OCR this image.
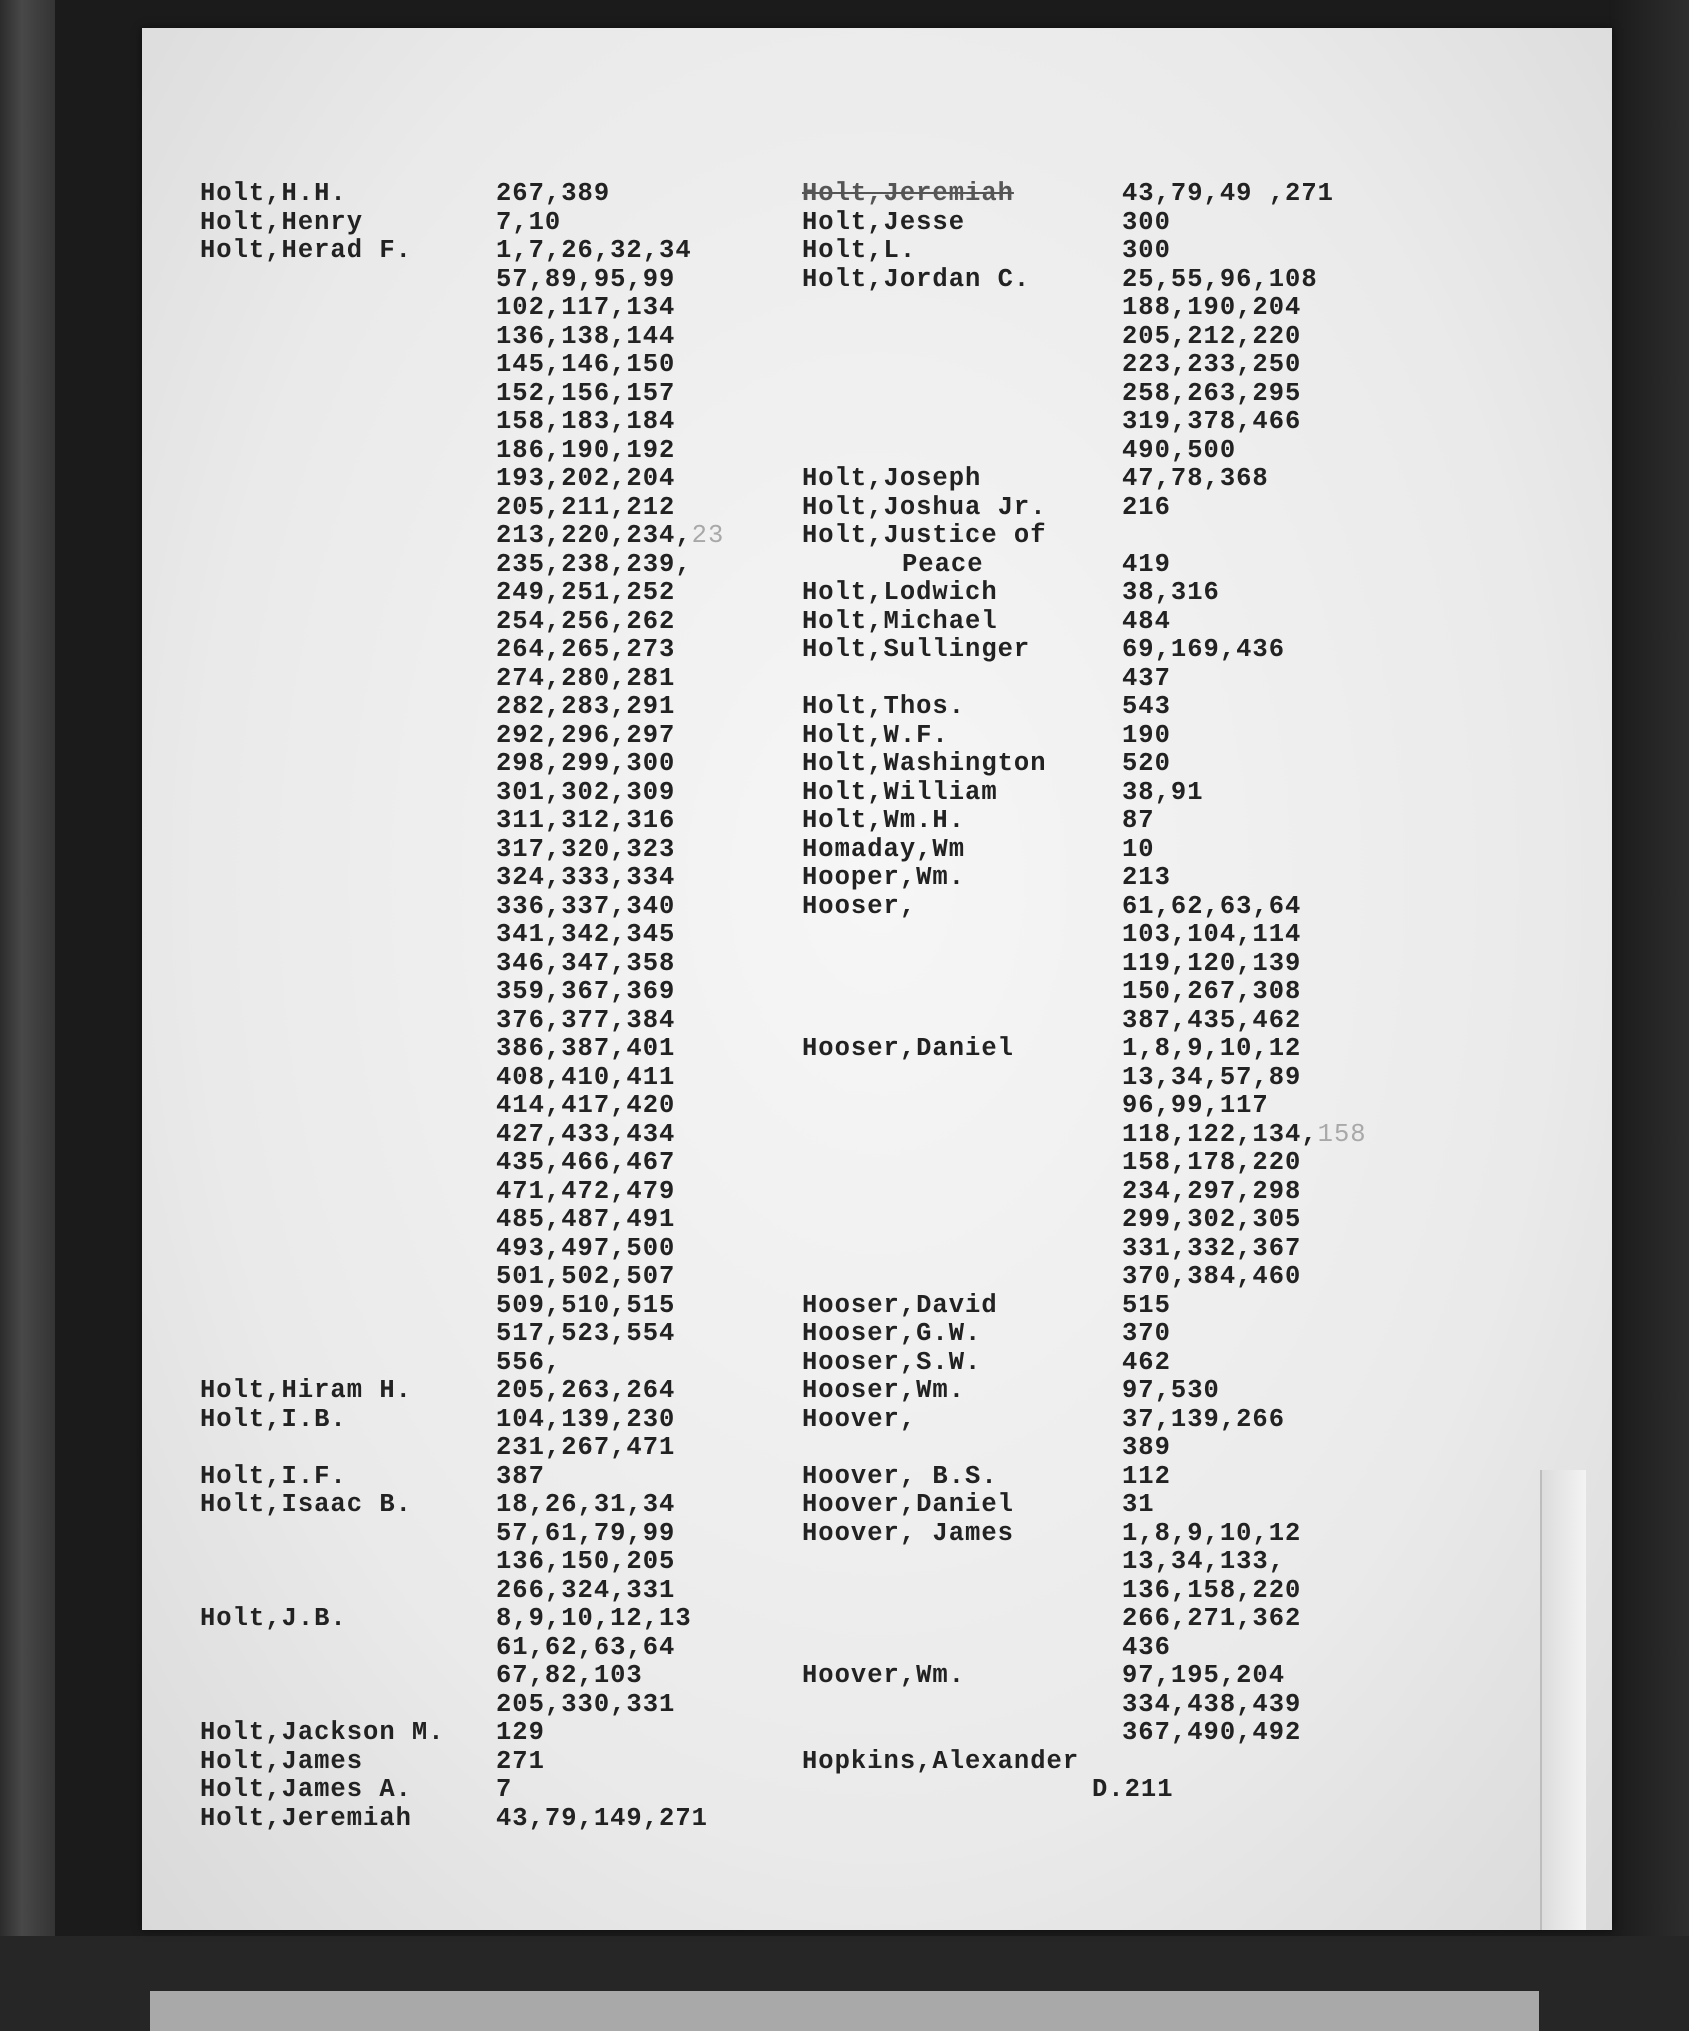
Holt,H.H.	267,389
Holt,Henry	7,10
Holt,Herad F.	1,7,26,32,34
57,89,95,99
102,117,134
136,138,144
145,146,150
152,156,157
158,183,184
186,190,192
193,202,204
205,211,212
213,220,234,23
235,238,239,
249,251,252
254,256,262
264,265,273
274,280,281
282,283,291
292,296,297
298,299,300
301,302,309
311,312,316
317,320,323
324,333,334
336,337,340
341,342,345
346,347,358
359,367,369
376,377,384
386,387,401
408,410,411
414,417,420
427,433,434
435,466,467
471,472,479
485,487,491
493,497,500
501,502,507
509,510,515
517,523,554
556,
Holt,Hiram H.	205,263,264
Holt,I.B.	104,139,230
231,267,471
Holt,I.F.	387
Holt,Isaac B.	18,26,31,34
57,61,79,99
136,150,205
266,324,331
Holt,J.B.	8,9,10,12,13
61,62,63,64
67,82,103
205,330,331
Holt,Jackson M.	129
Holt,James	271
Holt,James A.	7
Holt,Jeremiah	43,79,149,271
Holt,Jeremiah	43,79,49 ,271
Holt,Jesse	300
Holt,L.	300
Holt,Jordan C.	25,55,96,108
188,190,204
205,212,220
223,233,250
258,263,295
319,378,466
490,500
Holt,Joseph	47,78,368
Holt,Joshua Jr.	216
Holt,Justice of
Peace	419
Holt,Lodwich	38,316
Holt,Michael	484
Holt,Sullinger	69,169,436
437
Holt,Thos.	543
Holt,W.F.	190
Holt,Washington	520
Holt,William	38,91
Holt,Wm.H.	87
Homaday,Wm	10
Hooper,Wm.	213
Hooser,	61,62,63,64
103,104,114
119,120,139
150,267,308
387,435,462
Hooser,Daniel	1,8,9,10,12
13,34,57,89
96,99,117
118,122,134,158
158,178,220
234,297,298
299,302,305
331,332,367
370,384,460
Hooser,David	515
Hooser,G.W.	370
Hooser,S.W.	462
Hooser,Wm.	97,530
Hoover,	37,139,266
389
Hoover, B.S.	112
Hoover,Daniel	31
Hoover, James	1,8,9,10,12
13,34,133,
136,158,220
266,271,362
436
Hoover,Wm.	97,195,204
334,438,439
367,490,492
Hopkins,Alexander
D.211
